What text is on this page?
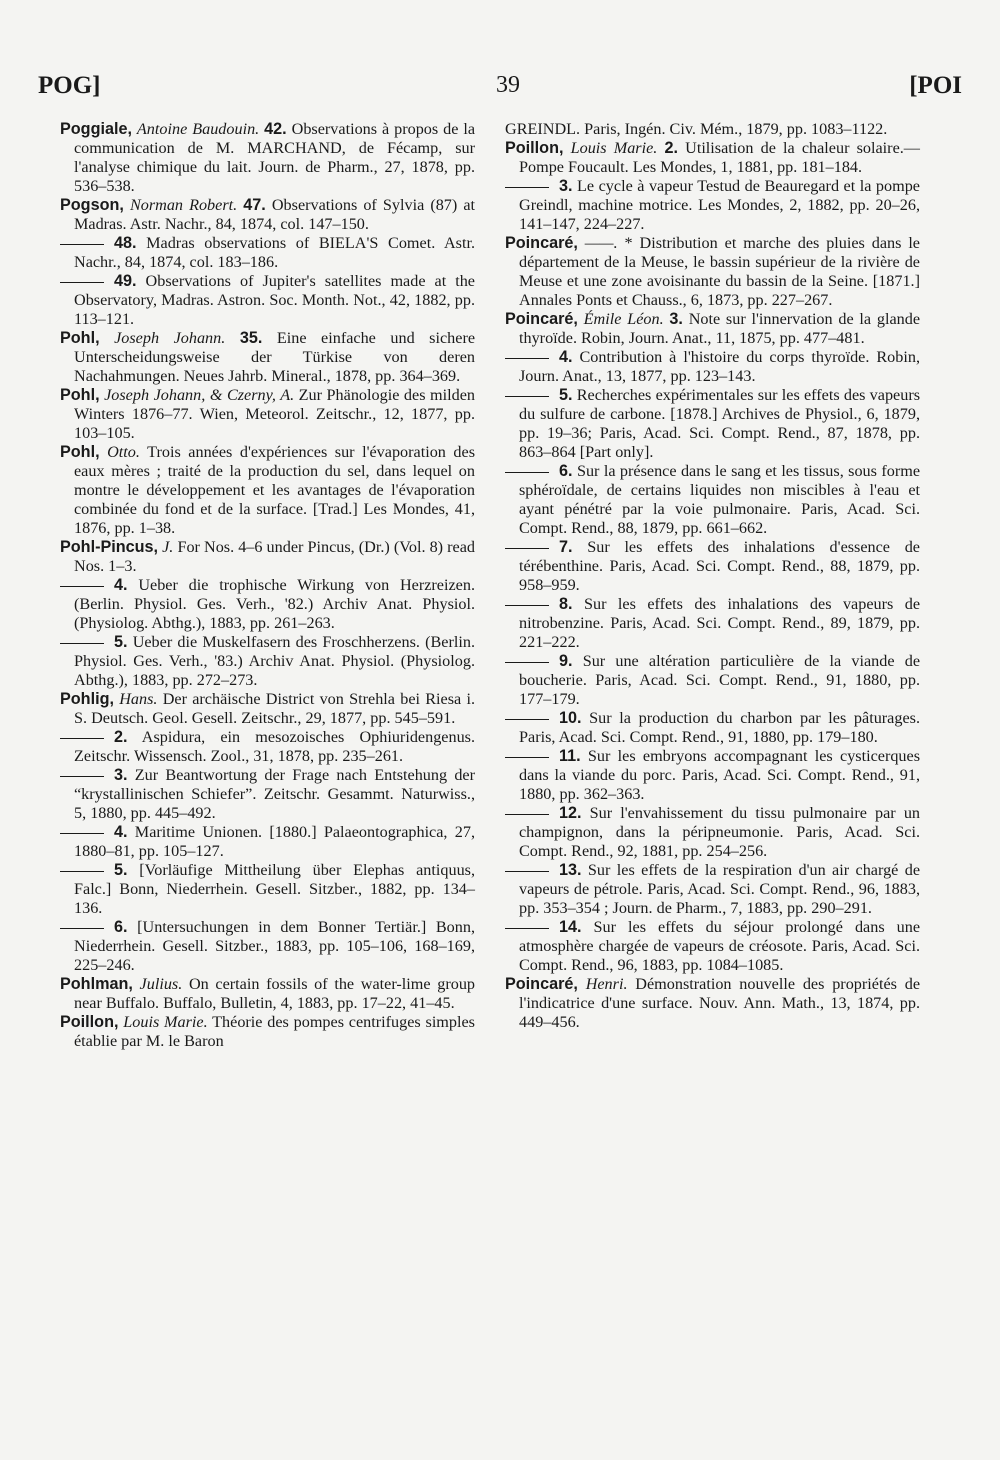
POG]	39	[POI

Poggiale, Antoine Baudouin. 42. Observations à propos de la communication de M. MARCHAND, de Fécamp, sur l'analyse chimique du lait. Journ. de Pharm., 27, 1878, pp. 536–538.

Pogson, Norman Robert. 47. Observations of Sylvia (87) at Madras. Astr. Nachr., 84, 1874, col. 147–150.

48. Madras observations of BIELA'S Comet. Astr. Nachr., 84, 1874, col. 183–186.

49. Observations of Jupiter's satellites made at the Observatory, Madras. Astron. Soc. Month. Not., 42, 1882, pp. 113–121.

Pohl, Joseph Johann. 35. Eine einfache und sichere Unterscheidungsweise der Türkise von deren Nachahmungen. Neues Jahrb. Mineral., 1878, pp. 364–369.

Pohl, Joseph Johann, & Czerny, A. Zur Phänologie des milden Winters 1876–77. Wien, Meteorol. Zeitschr., 12, 1877, pp. 103–105.

Pohl, Otto. Trois années d'expériences sur l'évaporation des eaux mères ; traité de la production du sel, dans lequel on montre le développement et les avantages de l'évaporation combinée du fond et de la surface. [Trad.] Les Mondes, 41, 1876, pp. 1–38.

Pohl-Pincus, J. For Nos. 4–6 under Pincus, (Dr.) (Vol. 8) read Nos. 1–3.

4. Ueber die trophische Wirkung von Herzreizen. (Berlin. Physiol. Ges. Verh., '82.) Archiv Anat. Physiol. (Physiolog. Abthg.), 1883, pp. 261–263.

5. Ueber die Muskelfasern des Froschherzens. (Berlin. Physiol. Ges. Verh., '83.) Archiv Anat. Physiol. (Physiolog. Abthg.), 1883, pp. 272–273.

Pohlig, Hans. Der archäische District von Strehla bei Riesa i. S. Deutsch. Geol. Gesell. Zeitschr., 29, 1877, pp. 545–591.

2. Aspidura, ein mesozoisches Ophiuridengenus. Zeitschr. Wissensch. Zool., 31, 1878, pp. 235–261.

3. Zur Beantwortung der Frage nach Entstehung der “krystallinischen Schiefer”. Zeitschr. Gesammt. Naturwiss., 5, 1880, pp. 445–492.

4. Maritime Unionen. [1880.] Palaeontographica, 27, 1880–81, pp. 105–127.

5. [Vorläufige Mittheilung über Elephas antiquus, Falc.] Bonn, Niederrhein. Gesell. Sitzber., 1882, pp. 134–136.

6. [Untersuchungen in dem Bonner Tertiär.] Bonn, Niederrhein. Gesell. Sitzber., 1883, pp. 105–106, 168–169, 225–246.

Pohlman, Julius. On certain fossils of the water-lime group near Buffalo. Buffalo, Bulletin, 4, 1883, pp. 17–22, 41–45.

Poillon, Louis Marie. Théorie des pompes centrifuges simples établie par M. le Baron

GREINDL. Paris, Ingén. Civ. Mém., 1879, pp. 1083–1122.

Poillon, Louis Marie. 2. Utilisation de la chaleur solaire.—Pompe Foucault. Les Mondes, 1, 1881, pp. 181–184.

3. Le cycle à vapeur Testud de Beauregard et la pompe Greindl, machine motrice. Les Mondes, 2, 1882, pp. 20–26, 141–147, 224–227.

Poincaré, ——. * Distribution et marche des pluies dans le département de la Meuse, le bassin supérieur de la rivière de Meuse et une zone avoisinante du bassin de la Seine. [1871.] Annales Ponts et Chauss., 6, 1873, pp. 227–267.

Poincaré, Émile Léon. 3. Note sur l'innervation de la glande thyroïde. Robin, Journ. Anat., 11, 1875, pp. 477–481.

4. Contribution à l'histoire du corps thyroïde. Robin, Journ. Anat., 13, 1877, pp. 123–143.

5. Recherches expérimentales sur les effets des vapeurs du sulfure de carbone. [1878.] Archives de Physiol., 6, 1879, pp. 19–36; Paris, Acad. Sci. Compt. Rend., 87, 1878, pp. 863–864 [Part only].

6. Sur la présence dans le sang et les tissus, sous forme sphéroïdale, de certains liquides non miscibles à l'eau et ayant pénétré par la voie pulmonaire. Paris, Acad. Sci. Compt. Rend., 88, 1879, pp. 661–662.

7. Sur les effets des inhalations d'essence de térébenthine. Paris, Acad. Sci. Compt. Rend., 88, 1879, pp. 958–959.

8. Sur les effets des inhalations des vapeurs de nitrobenzine. Paris, Acad. Sci. Compt. Rend., 89, 1879, pp. 221–222.

9. Sur une altération particulière de la viande de boucherie. Paris, Acad. Sci. Compt. Rend., 91, 1880, pp. 177–179.

10. Sur la production du charbon par les pâturages. Paris, Acad. Sci. Compt. Rend., 91, 1880, pp. 179–180.

11. Sur les embryons accompagnant les cysticerques dans la viande du porc. Paris, Acad. Sci. Compt. Rend., 91, 1880, pp. 362–363.

12. Sur l'envahissement du tissu pulmonaire par un champignon, dans la péripneumonie. Paris, Acad. Sci. Compt. Rend., 92, 1881, pp. 254–256.

13. Sur les effets de la respiration d'un air chargé de vapeurs de pétrole. Paris, Acad. Sci. Compt. Rend., 96, 1883, pp. 353–354 ; Journ. de Pharm., 7, 1883, pp. 290–291.

14. Sur les effets du séjour prolongé dans une atmosphère chargée de vapeurs de créosote. Paris, Acad. Sci. Compt. Rend., 96, 1883, pp. 1084–1085.

Poincaré, Henri. Démonstration nouvelle des propriétés de l'indicatrice d'une surface. Nouv. Ann. Math., 13, 1874, pp. 449–456.
